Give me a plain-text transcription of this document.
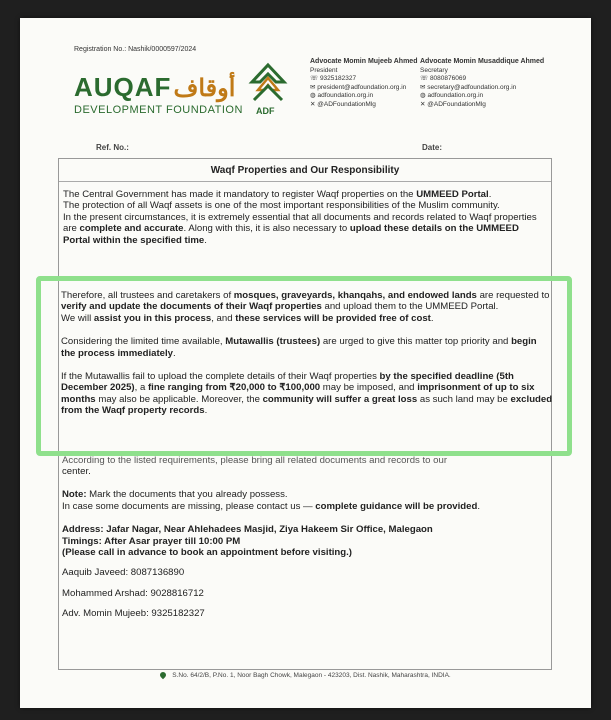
Registration No.: Nashik/0000597/2024
AUQAFأوقاف
DEVELOPMENT FOUNDATION ADF
Advocate Momin Mujeeb Ahmed
President
☏ 9325182327
✉ president@adfoundation.org.in
◍ adfoundation.org.in
✕ @ADFoundationMlg
Advocate Momin Musaddique Ahmed
Secretary
☏ 8080876069
✉ secretary@adfoundation.org.in
◍ adfoundation.org.in
✕ @ADFoundationMlg
Ref. No.:	Date:
Waqf Properties and Our Responsibility

The Central Government has made it mandatory to register Waqf properties on the UMMEED Portal.

The protection of all Waqf assets is one of the most important responsibilities of the Muslim community.

In the present circumstances, it is extremely essential that all documents and records related to Waqf properties are complete and accurate. Along with this, it is also necessary to upload these details on the UMMEED Portal within the specified time.

Therefore, all trustees and caretakers of mosques, graveyards, khanqahs, and endowed lands are requested to verify and update the documents of their Waqf properties and upload them to the UMMEED Portal.

We will assist you in this process, and these services will be provided free of cost.

Considering the limited time available, Mutawallis (trustees) are urged to give this matter top priority and begin the process immediately.

If the Mutawallis fail to upload the complete details of their Waqf properties by the specified deadline (5th December 2025), a fine ranging from ₹20,000 to ₹100,000 may be imposed, and imprisonment of up to six months may also be applicable. Moreover, the community will suffer a great loss as such land may be excluded from the Waqf property records.

According to the listed requirements, please bring all related documents and records to our
center.
Note: Mark the documents that you already possess.
In case some documents are missing, please contact us — complete guidance will be provided.
Address: Jafar Nagar, Near Ahlehadees Masjid, Ziya Hakeem Sir Office, Malegaon
Timings: After Asar prayer till 10:00 PM
(Please call in advance to book an appointment before visiting.)
Aaquib Javeed: 8087136890
Mohammed Arshad: 9028816712
Adv. Momin Mujeeb: 9325182327
S.No. 64/2/B, P.No. 1, Noor Bagh Chowk, Malegaon - 423203, Dist. Nashik, Maharashtra, INDIA.
